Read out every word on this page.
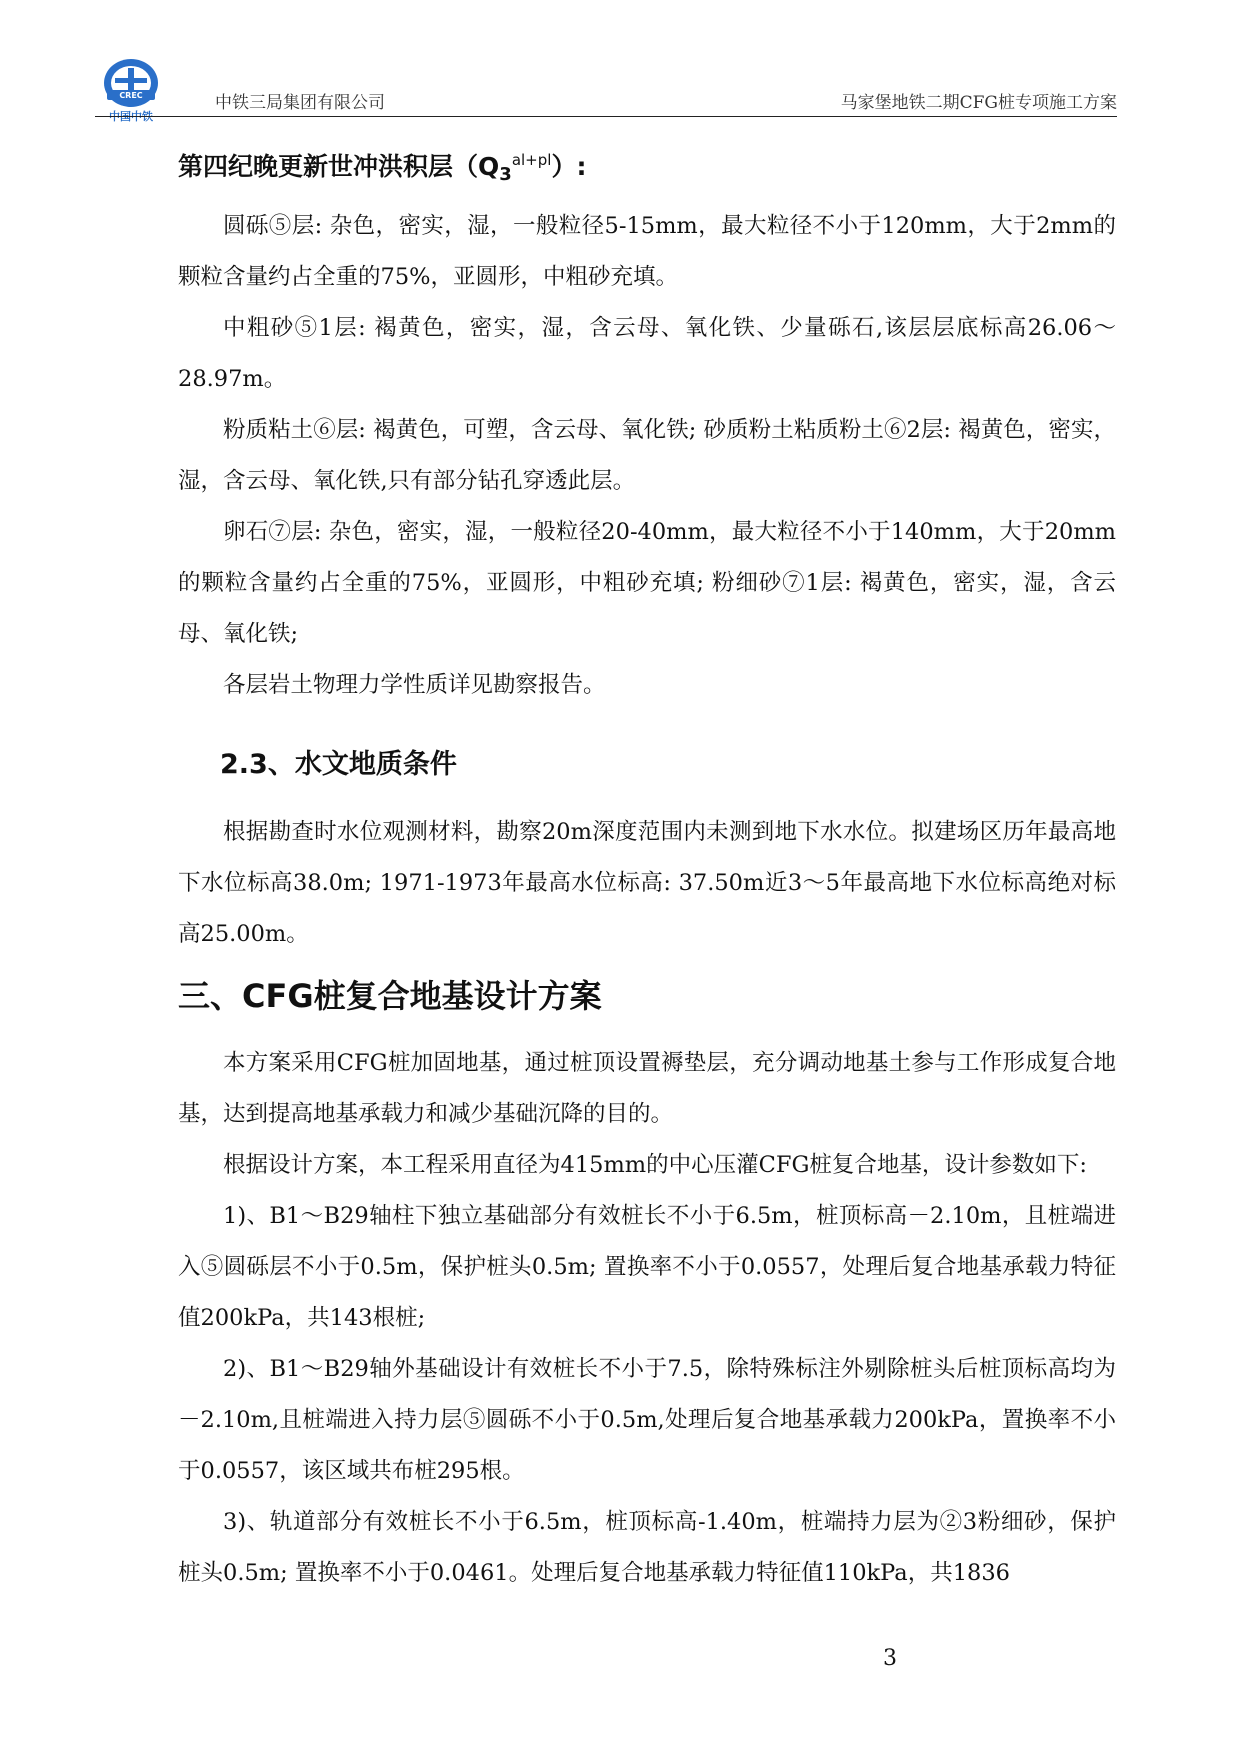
CREC
中国中铁
中铁三局集团有限公司	马家堡地铁二期CFG桩专项施工方案
第四纪晚更新世冲洪积层$(Q_3^{al+pl})$:

圆砾⑤层: 杂色，密实，湿，一般粒径5-15mm，最大粒径不小于120mm，大于2mm的颗粒含量约占全重的75%，亚圆形，中粗砂充填。

中粗砂⑤1层: 褐黄色，密实，湿，含云母、氧化铁、少量砾石,该层层底标高26.06～28.97m。

粉质粘土⑥层: 褐黄色，可塑，含云母、氧化铁; 砂质粉土粘质粉土⑥2层: 褐黄色，密实，湿，含云母、氧化铁,只有部分钻孔穿透此层。

卵石⑦层: 杂色，密实，湿，一般粒径20-40mm，最大粒径不小于140mm，大于20mm的颗粒含量约占全重的75%，亚圆形，中粗砂充填; 粉细砂⑦1层: 褐黄色，密实，湿，含云母、氧化铁;

各层岩土物理力学性质详见勘察报告。

2.3、水文地质条件

根据勘查时水位观测材料，勘察20m深度范围内未测到地下水水位。拟建场区历年最高地下水位标高38.0m; 1971-1973年最高水位标高: 37.50m近3～5年最高地下水位标高绝对标高25.00m。

三、CFG桩复合地基设计方案

本方案采用CFG桩加固地基，通过桩顶设置褥垫层，充分调动地基土参与工作形成复合地基，达到提高地基承载力和减少基础沉降的目的。

根据设计方案，本工程采用直径为415mm的中心压灌CFG桩复合地基，设计参数如下:

1)、B1～B29轴柱下独立基础部分有效桩长不小于6.5m，桩顶标高－2.10m，且桩端进入⑤圆砾层不小于0.5m，保护桩头0.5m; 置换率不小于0.0557，处理后复合地基承载力特征值200kPa，共143根桩;

2)、B1～B29轴外基础设计有效桩长不小于7.5，除特殊标注外剔除桩头后桩顶标高均为－2.10m,且桩端进入持力层⑤圆砾不小于0.5m,处理后复合地基承载力200kPa，置换率不小于0.0557，该区域共布桩295根。

3)、轨道部分有效桩长不小于6.5m，桩顶标高-1.40m，桩端持力层为②3粉细砂，保护桩头0.5m; 置换率不小于0.0461。处理后复合地基承载力特征值110kPa，共1836

3
